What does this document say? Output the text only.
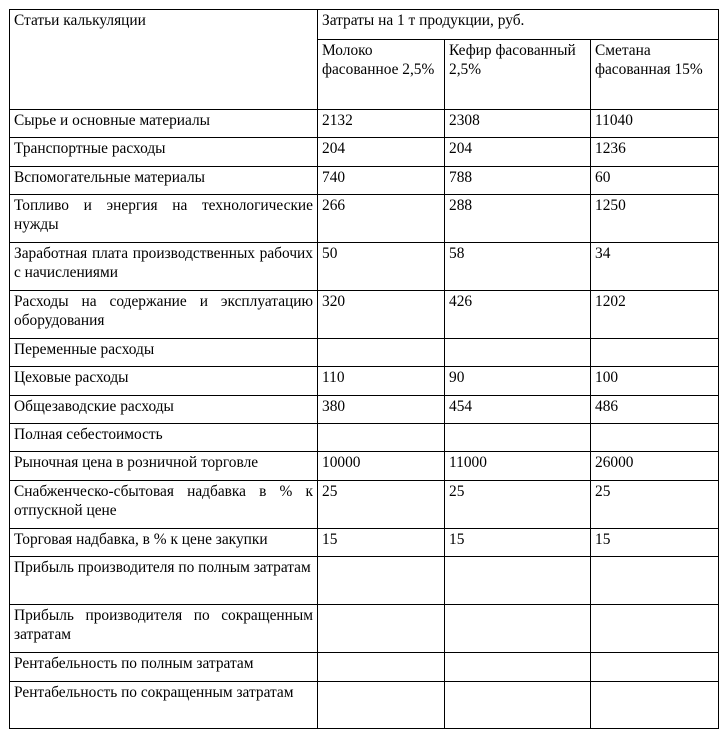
Статьи калькуляции	Затраты на 1 т продукции, руб.		
	Молоко фасованное 2,5%	Кефир фасованный 2,5%	Сметана фасованная 15%
Сырье и основные материалы	2132	2308	11040
Транспортные расходы	204	204	1236
Вспомогательные материалы	740	788	60
Топливо и энергия на технологические нужды	266	288	1250
Заработная плата производственных рабочих с начислениями	50	58	34
Расходы на содержание и эксплуатацию оборудования	320	426	1202
Переменные расходы			
Цеховые расходы	110	90	100
Общезаводские расходы	380	454	486
Полная себестоимость			
Рыночная цена в розничной торговле	10000	11000	26000
Снабженческо-сбытовая надбавка в % к отпускной цене	25	25	25
Торговая надбавка, в % к цене закупки	15	15	15
Прибыль производителя по полным затратам			
Прибыль производителя по сокращенным затратам			
Рентабельность по полным затратам			
Рентабельность по сокращенным затратам			
